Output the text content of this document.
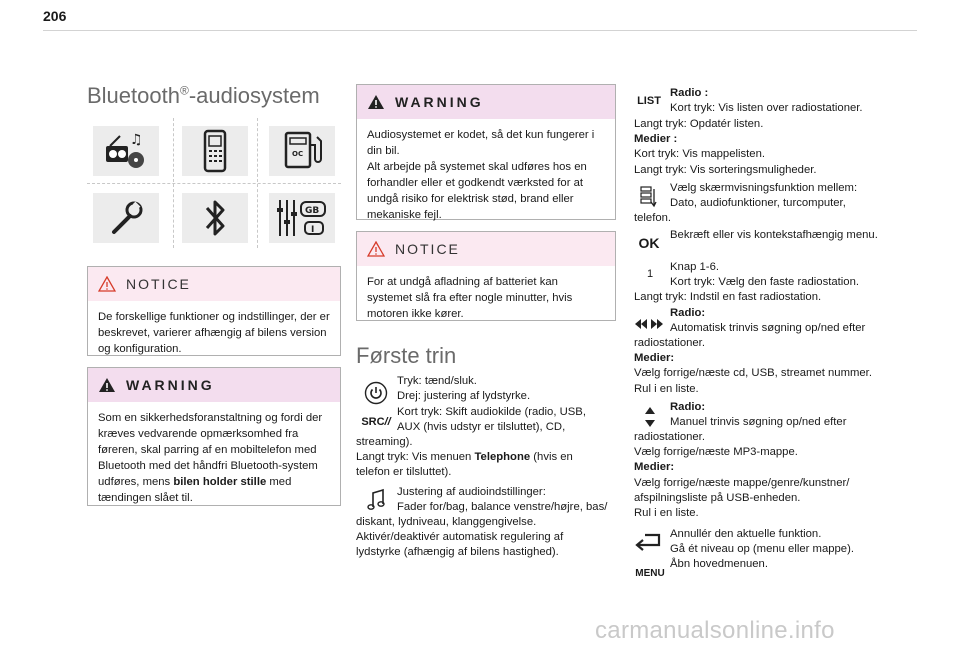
206
Bluetooth®-audiosystem
♫
OC
GB
I
NOTICE
De forskellige funktioner og indstillinger, der er beskrevet, varierer afhængig af bilens version og konfiguration.
WARNING
Som en sikkerhedsforanstaltning og fordi der kræves vedvarende opmærksomhed fra føreren, skal parring af en mobiltelefon med Bluetooth med det håndfri Bluetooth-system udføres, mens bilen holder stille med tændingen slået til.
WARNING
Audiosystemet er kodet, så det kun fungerer i din bil.
Alt arbejde på systemet skal udføres hos en forhandler eller et godkendt værksted for at undgå risiko for elektrisk stød, brand eller mekaniske fejl.
NOTICE
For at undgå afladning af batteriet kan systemet slå fra efter nogle minutter, hvis motoren ikke kører.
Første trin
Tryk: tænd/sluk.
Drej: justering af lydstyrke.
SRC //
Kort tryk: Skift audiokilde (radio, USB,
AUX (hvis udstyr er tilsluttet), CD,
streaming).
Langt tryk: Vis menuen Telephone (hvis en
telefon er tilsluttet).
Justering af audioindstillinger:
Fader for/bag, balance venstre/højre, bas/
diskant, lydniveau, klanggengivelse.
Aktivér/deaktivér automatisk regulering af
lydstyrke (afhængig af bilens hastighed).
LIST
Radio :
Kort tryk: Vis listen over radiostationer.
Langt tryk: Opdatér listen.
Medier :
Kort tryk: Vis mappelisten.
Langt tryk: Vis sorteringsmuligheder.
Vælg skærmvisningsfunktion mellem:
Dato, audiofunktioner, turcomputer,
telefon.
OK Bekræft eller vis kontekstafhængig menu.
1
Knap 1-6.
Kort tryk: Vælg den faste radiostation.
Langt tryk: Indstil en fast radiostation.
Radio:
Automatisk trinvis søgning op/ned efter
radiostationer.
Medier:
Vælg forrige/næste cd, USB, streamet nummer.
Rul i en liste.
Radio:
Manuel trinvis søgning op/ned efter
radiostationer.
Vælg forrige/næste MP3-mappe.
Medier:
Vælg forrige/næste mappe/genre/kunstner/
afspilningsliste på USB-enheden.
Rul i en liste.
Annullér den aktuelle funktion.
Gå ét niveau op (menu eller mappe).
MENU
Åbn hovedmenuen.
carmanualsonline.info
